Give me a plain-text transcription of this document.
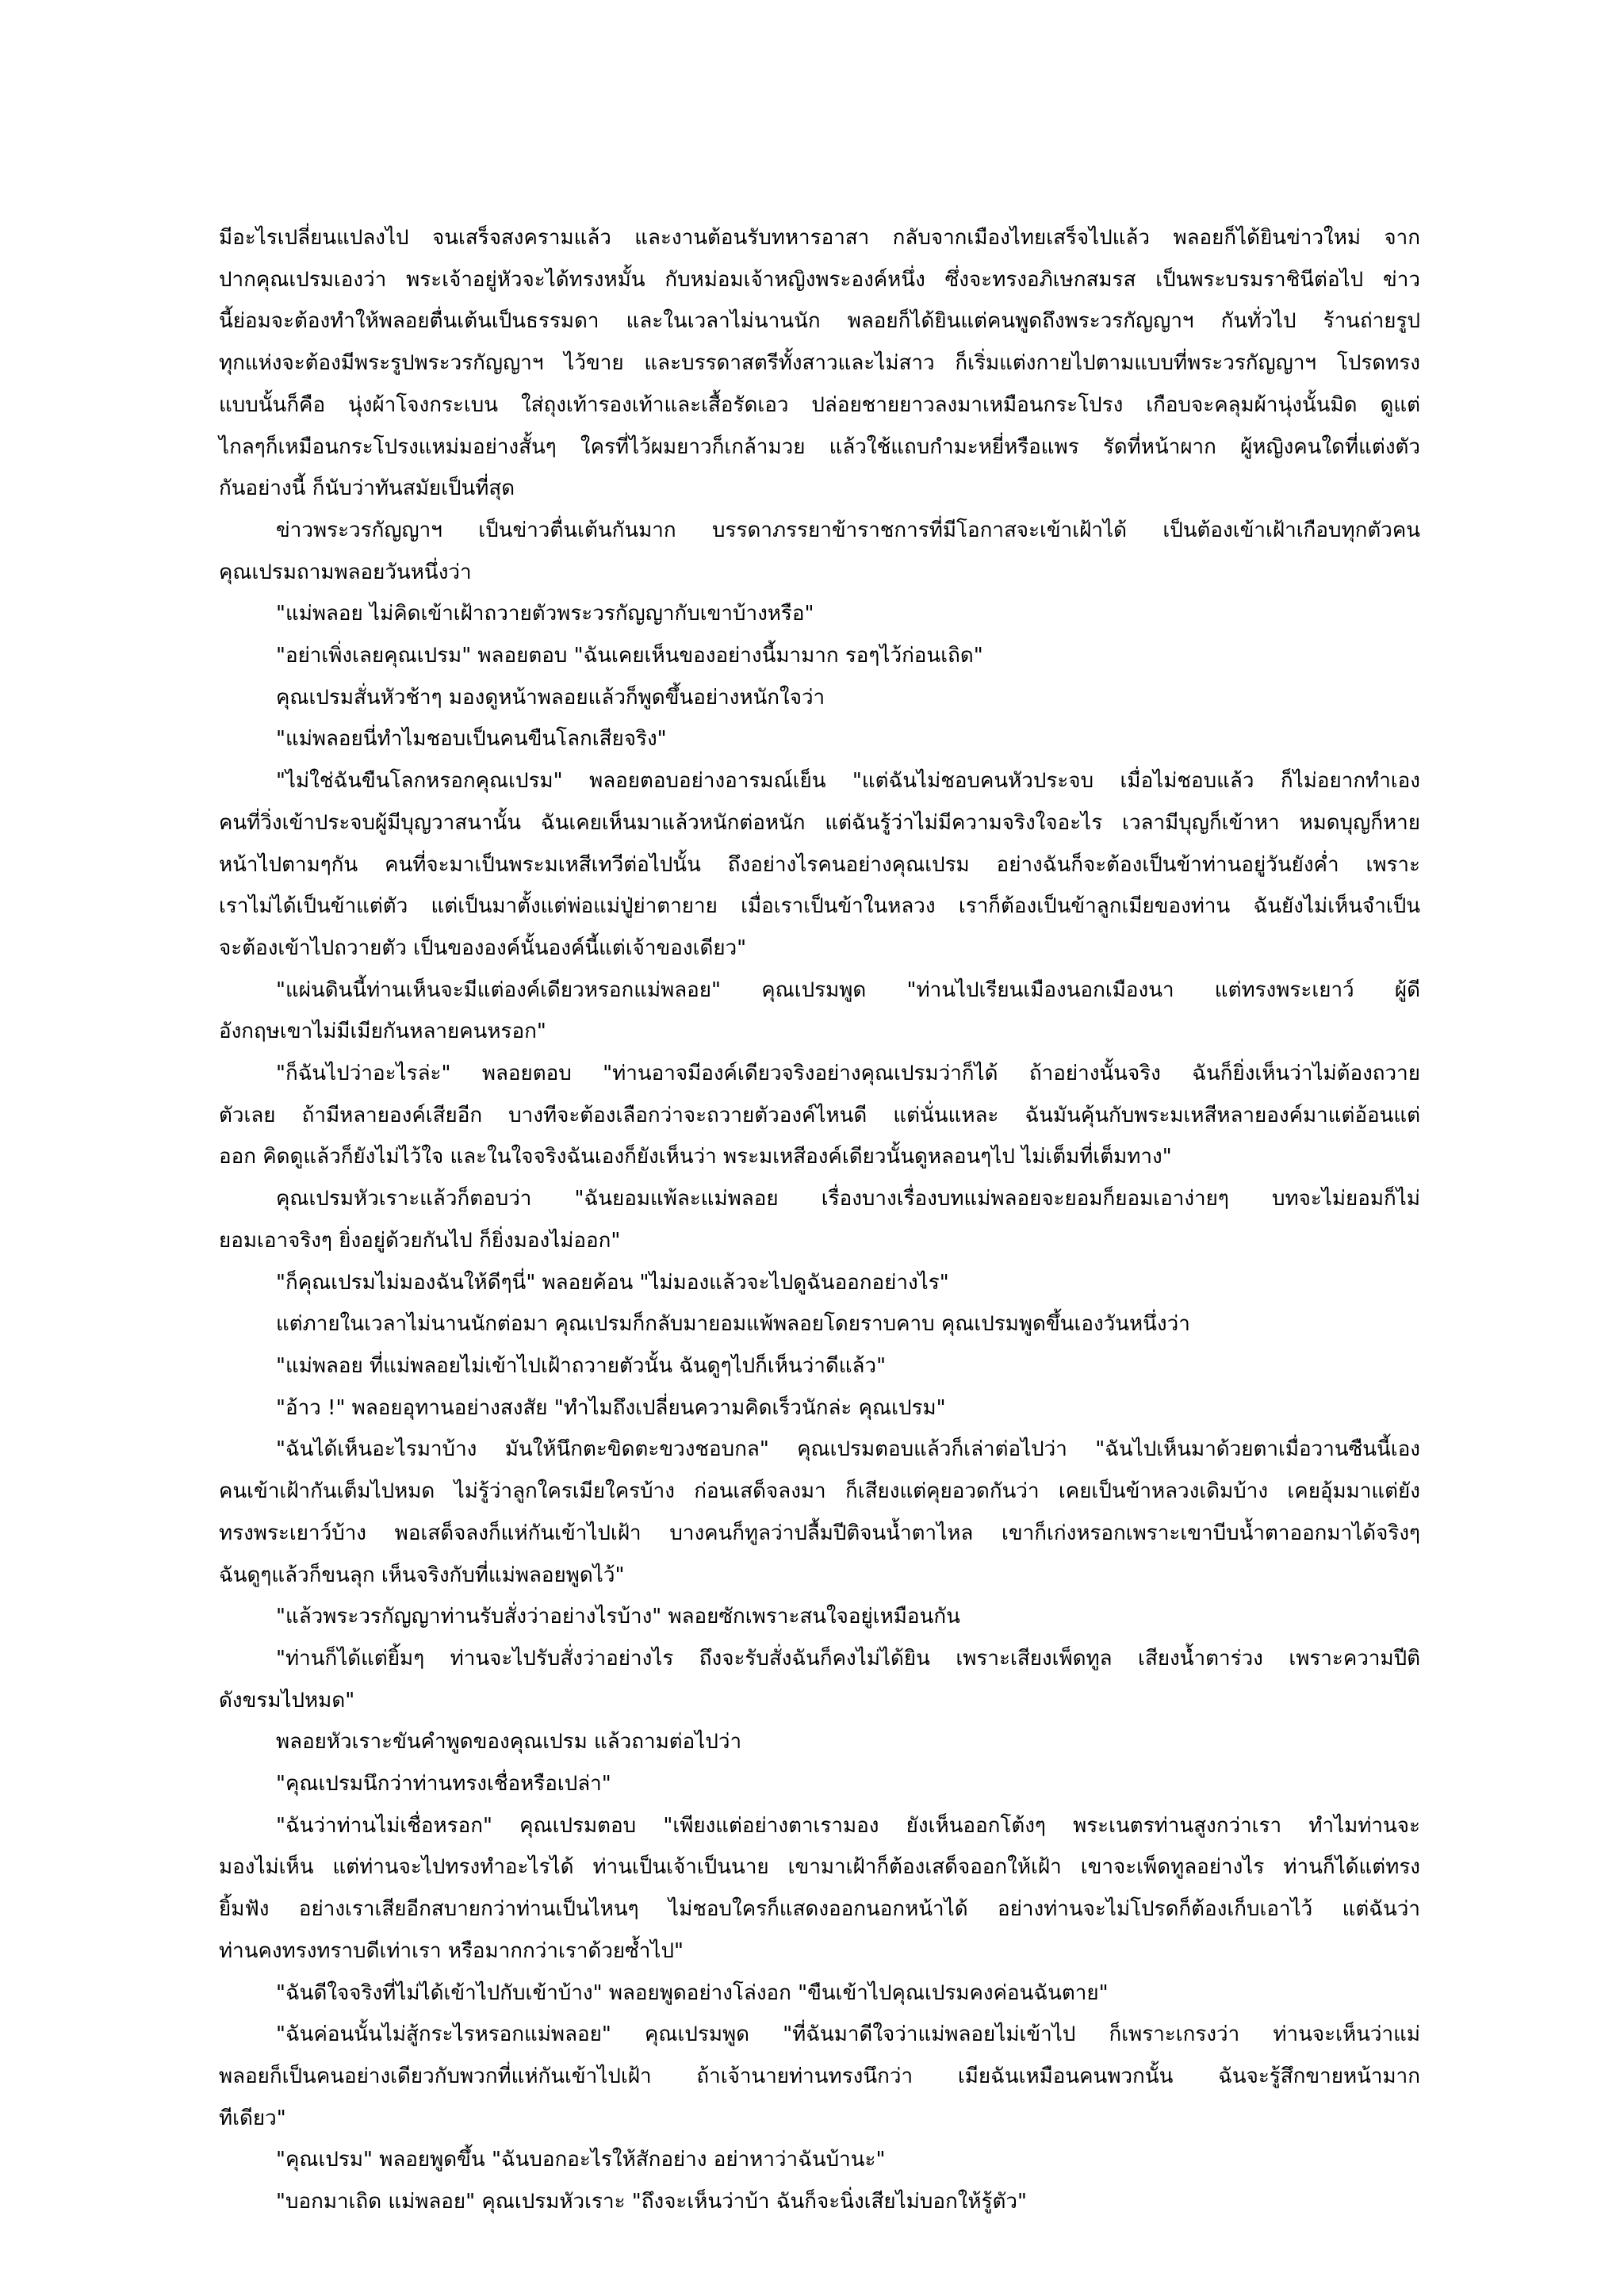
มีอะไรเปลี่ยนแปลงไป จนเสร็จสงครามแล้ว และงานต้อนรับทหารอาสา กลับจากเมืองไทยเสร็จไปแล้ว พลอยก็ได้ยินข่าวใหม่ จาก
ปากคุณเปรมเองว่า พระเจ้าอยู่หัวจะได้ทรงหมั้น กับหม่อมเจ้าหญิงพระองค์หนึ่ง ซึ่งจะทรงอภิเษกสมรส เป็นพระบรมราชินีต่อไป ข่าว
นี้ย่อมจะต้องทำให้พลอยตื่นเต้นเป็นธรรมดา และในเวลาไม่นานนัก พลอยก็ได้ยินแต่คนพูดถึงพระวรกัญญาฯ กันทั่วไป ร้านถ่ายรูป
ทุกแห่งจะต้องมีพระรูปพระวรกัญญาฯ ไว้ขาย และบรรดาสตรีทั้งสาวและไม่สาว ก็เริ่มแต่งกายไปตามแบบที่พระวรกัญญาฯ โปรดทรง
แบบนั้นก็คือ นุ่งผ้าโจงกระเบน ใส่ถุงเท้ารองเท้าและเสื้อรัดเอว ปล่อยชายยาวลงมาเหมือนกระโปรง เกือบจะคลุมผ้านุ่งนั้นมิด ดูแต่
ไกลๆก็เหมือนกระโปรงแหม่มอย่างสั้นๆ ใครที่ไว้ผมยาวก็เกล้ามวย แล้วใช้แถบกำมะหยี่หรือแพร รัดที่หน้าผาก ผู้หญิงคนใดที่แต่งตัว
กันอย่างนี้ ก็นับว่าทันสมัยเป็นที่สุด
ข่าวพระวรกัญญาฯ เป็นข่าวตื่นเต้นกันมาก บรรดาภรรยาข้าราชการที่มีโอกาสจะเข้าเฝ้าได้ เป็นต้องเข้าเฝ้าเกือบทุกตัวคน
คุณเปรมถามพลอยวันหนึ่งว่า
"แม่พลอย ไม่คิดเข้าเฝ้าถวายตัวพระวรกัญญากับเขาบ้างหรือ"
"อย่าเพิ่งเลยคุณเปรม" พลอยตอบ "ฉันเคยเห็นของอย่างนี้มามาก รอๆไว้ก่อนเถิด"
คุณเปรมสั่นหัวช้าๆ มองดูหน้าพลอยแล้วก็พูดขึ้นอย่างหนักใจว่า
"แม่พลอยนี่ทำไมชอบเป็นคนขืนโลกเสียจริง"
"ไม่ใช่ฉันขืนโลกหรอกคุณเปรม" พลอยตอบอย่างอารมณ์เย็น "แต่ฉันไม่ชอบคนหัวประจบ เมื่อไม่ชอบแล้ว ก็ไม่อยากทำเอง
คนที่วิ่งเข้าประจบผู้มีบุญวาสนานั้น ฉันเคยเห็นมาแล้วหนักต่อหนัก แต่ฉันรู้ว่าไม่มีความจริงใจอะไร เวลามีบุญก็เข้าหา หมดบุญก็หาย
หน้าไปตามๆกัน คนที่จะมาเป็นพระมเหสีเทวีต่อไปนั้น ถึงอย่างไรคนอย่างคุณเปรม อย่างฉันก็จะต้องเป็นข้าท่านอยู่วันยังค่ำ เพราะ
เราไม่ได้เป็นข้าแต่ตัว แต่เป็นมาตั้งแต่พ่อแม่ปู่ย่าตายาย เมื่อเราเป็นข้าในหลวง เราก็ต้องเป็นข้าลูกเมียของท่าน ฉันยังไม่เห็นจำเป็น
จะต้องเข้าไปถวายตัว เป็นขององค์นั้นองค์นี้แต่เจ้าของเดียว"
"แผ่นดินนี้ท่านเห็นจะมีแต่องค์เดียวหรอกแม่พลอย" คุณเปรมพูด "ท่านไปเรียนเมืองนอกเมืองนา แต่ทรงพระเยาว์ ผู้ดี
อังกฤษเขาไม่มีเมียกันหลายคนหรอก"
"ก็ฉันไปว่าอะไรล่ะ" พลอยตอบ "ท่านอาจมีองค์เดียวจริงอย่างคุณเปรมว่าก็ได้ ถ้าอย่างนั้นจริง ฉันก็ยิ่งเห็นว่าไม่ต้องถวาย
ตัวเลย ถ้ามีหลายองค์เสียอีก บางทีจะต้องเลือกว่าจะถวายตัวองค์ไหนดี แต่นั่นแหละ ฉันมันคุ้นกับพระมเหสีหลายองค์มาแต่อ้อนแต่
ออก คิดดูแล้วก็ยังไม่ไว้ใจ และในใจจริงฉันเองก็ยังเห็นว่า พระมเหสีองค์เดียวนั้นดูหลอนๆไป ไม่เต็มที่เต็มทาง"
คุณเปรมหัวเราะแล้วก็ตอบว่า "ฉันยอมแพ้ละแม่พลอย เรื่องบางเรื่องบทแม่พลอยจะยอมก็ยอมเอาง่ายๆ บทจะไม่ยอมก็ไม่
ยอมเอาจริงๆ ยิ่งอยู่ด้วยกันไป ก็ยิ่งมองไม่ออก"
"ก็คุณเปรมไม่มองฉันให้ดีๆนี่" พลอยค้อน "ไม่มองแล้วจะไปดูฉันออกอย่างไร"
แต่ภายในเวลาไม่นานนักต่อมา คุณเปรมก็กลับมายอมแพ้พลอยโดยราบคาบ คุณเปรมพูดขึ้นเองวันหนึ่งว่า
"แม่พลอย ที่แม่พลอยไม่เข้าไปเฝ้าถวายตัวนั้น ฉันดูๆไปก็เห็นว่าดีแล้ว"
"อ้าว !" พลอยอุทานอย่างสงสัย "ทำไมถึงเปลี่ยนความคิดเร็วนักล่ะ คุณเปรม"
"ฉันได้เห็นอะไรมาบ้าง มันให้นึกตะขิดตะขวงชอบกล" คุณเปรมตอบแล้วก็เล่าต่อไปว่า "ฉันไปเห็นมาด้วยตาเมื่อวานซืนนี้เอง
คนเข้าเฝ้ากันเต็มไปหมด ไม่รู้ว่าลูกใครเมียใครบ้าง ก่อนเสด็จลงมา ก็เสียงแต่คุยอวดกันว่า เคยเป็นข้าหลวงเดิมบ้าง เคยอุ้มมาแต่ยัง
ทรงพระเยาว์บ้าง พอเสด็จลงก็แห่กันเข้าไปเฝ้า บางคนก็ทูลว่าปลื้มปีติจนน้ำตาไหล เขาก็เก่งหรอกเพราะเขาบีบน้ำตาออกมาได้จริงๆ
ฉันดูๆแล้วก็ขนลุก เห็นจริงกับที่แม่พลอยพูดไว้"
"แล้วพระวรกัญญาท่านรับสั่งว่าอย่างไรบ้าง" พลอยซักเพราะสนใจอยู่เหมือนกัน
"ท่านก็ได้แต่ยิ้มๆ ท่านจะไปรับสั่งว่าอย่างไร ถึงจะรับสั่งฉันก็คงไม่ได้ยิน เพราะเสียงเพ็ดทูล เสียงน้ำตาร่วง เพราะความปีติ
ดังขรมไปหมด"
พลอยหัวเราะขันคำพูดของคุณเปรม แล้วถามต่อไปว่า
"คุณเปรมนึกว่าท่านทรงเชื่อหรือเปล่า"
"ฉันว่าท่านไม่เชื่อหรอก" คุณเปรมตอบ "เพียงแต่อย่างตาเรามอง ยังเห็นออกโต้งๆ พระเนตรท่านสูงกว่าเรา ทำไมท่านจะ
มองไม่เห็น แต่ท่านจะไปทรงทำอะไรได้ ท่านเป็นเจ้าเป็นนาย เขามาเฝ้าก็ต้องเสด็จออกให้เฝ้า เขาจะเพ็ดทูลอย่างไร ท่านก็ได้แต่ทรง
ยิ้มฟัง อย่างเราเสียอีกสบายกว่าท่านเป็นไหนๆ ไม่ชอบใครก็แสดงออกนอกหน้าได้ อย่างท่านจะไม่โปรดก็ต้องเก็บเอาไว้ แต่ฉันว่า
ท่านคงทรงทราบดีเท่าเรา หรือมากกว่าเราด้วยซ้ำไป"
"ฉันดีใจจริงที่ไม่ได้เข้าไปกับเข้าบ้าง" พลอยพูดอย่างโล่งอก "ขืนเข้าไปคุณเปรมคงค่อนฉันตาย"
"ฉันค่อนนั้นไม่สู้กระไรหรอกแม่พลอย" คุณเปรมพูด "ที่ฉันมาดีใจว่าแม่พลอยไม่เข้าไป ก็เพราะเกรงว่า ท่านจะเห็นว่าแม่
พลอยก็เป็นคนอย่างเดียวกับพวกที่แห่กันเข้าไปเฝ้า ถ้าเจ้านายท่านทรงนึกว่า เมียฉันเหมือนคนพวกนั้น ฉันจะรู้สึกขายหน้ามาก
ทีเดียว"
"คุณเปรม" พลอยพูดขึ้น "ฉันบอกอะไรให้สักอย่าง อย่าหาว่าฉันบ้านะ"
"บอกมาเถิด แม่พลอย" คุณเปรมหัวเราะ "ถึงจะเห็นว่าบ้า ฉันก็จะนิ่งเสียไม่บอกให้รู้ตัว"
